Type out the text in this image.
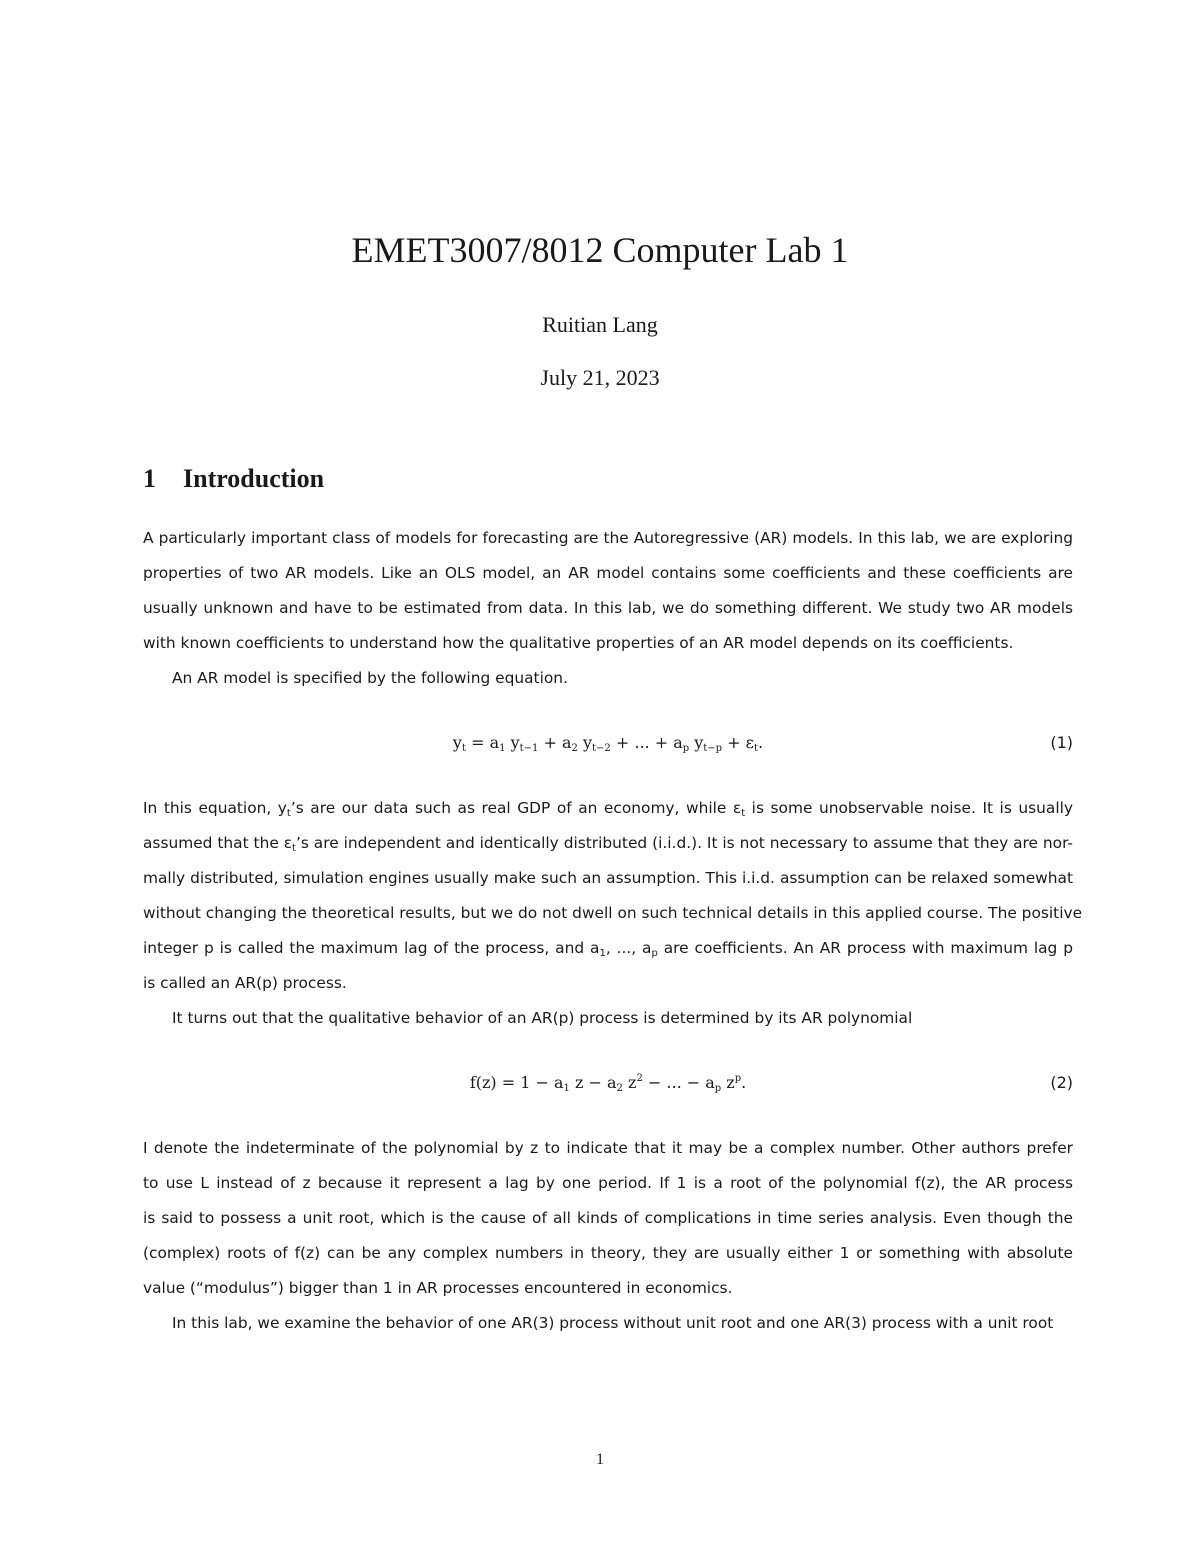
EMET3007/8012 Computer Lab 1
Ruitian Lang
July 21, 2023
1 Introduction
A particularly important class of models for forecasting are the Autoregressive (AR) models. In this lab, we are exploring
properties of two AR models. Like an OLS model, an AR model contains some coefficients and these coefficients are
usually unknown and have to be estimated from data. In this lab, we do something different. We study two AR models
with known coefficients to understand how the qualitative properties of an AR model depends on its coefficients.
An AR model is specified by the following equation.
$y_t = a_1$ $y_{t-1} + a_2$ $y_{t-2}$ + ... + $a_p$ $y_{t-p} + \varepsilon_t$.	(1)
In this equation, $y_t’s$ are our data such as real GDP of an economy, while $\varepsilon_t$ is some unobservable noise. It is usually
assumed that the $\varepsilon_t’s$ are independent and identically distributed (i.i.d.). It is not necessary to assume that they are nor-
mally distributed, simulation engines usually make such an assumption. This i.i.d. assumption can be relaxed somewhat
without changing the theoretical results, but we do not dwell on such technical details in this applied course. The positive
integer p is called the maximum lag of the process, and $a_1$, ..., $a_p$ are coefficients. An AR process with maximum lag p
is called an AR(p) process.
It turns out that the qualitative behavior of an AR(p) process is determined by its AR polynomial
$f(z) = 1 - a_1$ $z - a_2$ $z^2$ − ... − $a_p$ $z^p$.	(2)
I denote the indeterminate of the polynomial by z to indicate that it may be a complex number. Other authors prefer
to use L instead of z because it represent a lag by one period. If 1 is a root of the polynomial f(z), the AR process
is said to possess a unit root, which is the cause of all kinds of complications in time series analysis. Even though the
(complex) roots of f(z) can be any complex numbers in theory, they are usually either 1 or something with absolute
value (“modulus”) bigger than 1 in AR processes encountered in economics.
In this lab, we examine the behavior of one AR(3) process without unit root and one AR(3) process with a unit root
1
